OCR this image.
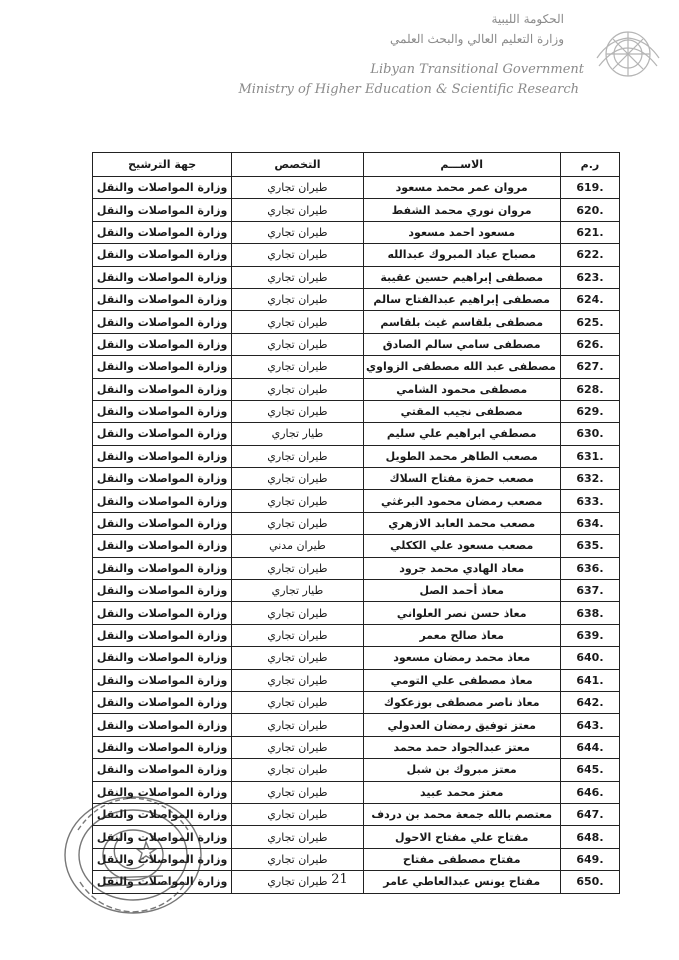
الحكومة الليبية
وزارة التعليم العالي والبحث العلمي
Libyan Transitional Government
Ministry of Higher Education & Scientific Research
ر.م	الاســـم	التخصص	جهة الترشيح
619.	مروان عمر محمد مسعود	طيران تجاري	وزارة المواصلات والنقل
620.	مروان نوري محمد الشفط	طيران تجاري	وزارة المواصلات والنقل
621.	مسعود احمد مسعود	طيران تجاري	وزارة المواصلات والنقل
622.	مصباح عياد المبروك عبدالله	طيران تجاري	وزارة المواصلات والنقل
623.	مصطفى إبراهيم حسين عقيبة	طيران تجاري	وزارة المواصلات والنقل
624.	مصطفى إبراهيم عبدالفتاح سالم	طيران تجاري	وزارة المواصلات والنقل
625.	مصطفى بلقاسم غيث بلقاسم	طيران تجاري	وزارة المواصلات والنقل
626.	مصطفى سامي سالم الصادق	طيران تجاري	وزارة المواصلات والنقل
627.	مصطفى عبد الله مصطفى الزواوي	طيران تجاري	وزارة المواصلات والنقل
628.	مصطفى محمود الشامي	طيران تجاري	وزارة المواصلات والنقل
629.	مصطفى نجيب المقتي	طيران تجاري	وزارة المواصلات والنقل
630.	مصطفي ابراهيم علي سليم	طيار تجاري	وزارة المواصلات والنقل
631.	مصعب الطاهر محمد الطويل	طيران تجاري	وزارة المواصلات والنقل
632.	مصعب حمزة مفتاح السلاك	طيران تجاري	وزارة المواصلات والنقل
633.	مصعب رمضان محمود البرغثي	طيران تجاري	وزارة المواصلات والنقل
634.	مصعب محمد العابد الازهري	طيران تجاري	وزارة المواصلات والنقل
635.	مصعب مسعود علي الككلي	طيران مدني	وزارة المواصلات والنقل
636.	معاد الهادي محمد جرود	طيران تجاري	وزارة المواصلات والنقل
637.	معاذ أحمد الصل	طيار تجاري	وزارة المواصلات والنقل
638.	معاذ حسن نصر العلواني	طيران تجاري	وزارة المواصلات والنقل
639.	معاذ صالح معمر	طيران تجاري	وزارة المواصلات والنقل
640.	معاذ محمد رمضان مسعود	طيران تجاري	وزارة المواصلات والنقل
641.	معاذ مصطفى علي التومي	طيران تجاري	وزارة المواصلات والنقل
642.	معاذ ناصر مصطفى بوزعكوك	طيران تجاري	وزارة المواصلات والنقل
643.	معتز توفيق رمضان العدولي	طيران تجاري	وزارة المواصلات والنقل
644.	معتز عبدالجواد حمد محمد	طيران تجاري	وزارة المواصلات والنقل
645.	معتز مبروك بن شبل	طيران تجاري	وزارة المواصلات والنقل
646.	معتز محمد عبيد	طيران تجاري	وزارة المواصلات والنقل
647.	معتصم بالله جمعة محمد بن دردف	طيران تجاري	وزارة المواصلات والنقل
648.	مفتاح علي مفتاح الاحول	طيران تجاري	وزارة المواصلات والنقل
649.	مفتاح مصطفى مفتاح	طيران تجاري	وزارة المواصلات والنقل
650.	مفتاح يونس عبدالعاطي عامر	طيران تجاري	وزارة المواصلات والنقل	21
